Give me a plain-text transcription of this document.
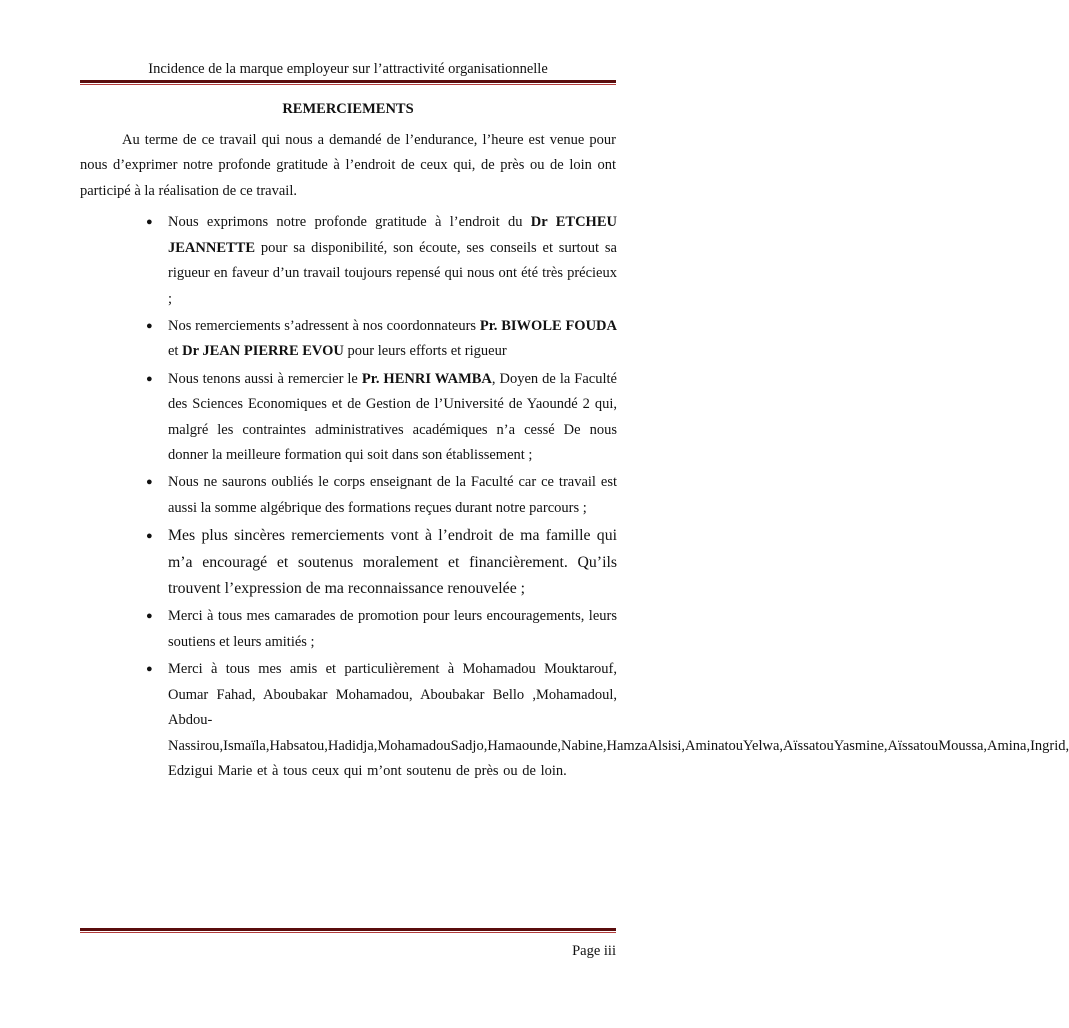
Incidence de la marque employeur sur l’attractivité organisationnelle
REMERCIEMENTS

Au terme de ce travail qui nous a demandé de l’endurance, l’heure est venue pour nous d’exprimer notre profonde gratitude à l’endroit de ceux qui, de près ou de loin ont participé à la réalisation de ce travail.

● Nous exprimons notre profonde gratitude à l’endroit du Dr ETCHEU JEANNETTE pour sa disponibilité, son écoute, ses conseils et surtout sa rigueur en faveur d’un travail toujours repensé qui nous ont été très précieux ;
● Nos remerciements s’adressent à nos coordonnateurs Pr. BIWOLE FOUDA et Dr JEAN PIERRE EVOU pour leurs efforts et rigueur
● Nous tenons aussi à remercier le Pr. HENRI WAMBA, Doyen de la Faculté des Sciences Economiques et de Gestion de l’Université de Yaoundé 2 qui, malgré les contraintes administratives académiques n’a cessé De nous donner la meilleure formation qui soit dans son établissement ;
● Nous ne saurons oubliés le corps enseignant de la Faculté car ce travail est aussi la somme algébrique des formations reçues durant notre parcours ;
● Mes plus sincères remerciements vont à l’endroit de ma famille qui m’a encouragé et soutenus moralement et financièrement. Qu’ils trouvent l’expression de ma reconnaissance renouvelée ;
● Merci à tous mes camarades de promotion pour leurs encouragements, leurs soutiens et leurs amitiés ;
● Merci à tous mes amis et particulièrement à Mohamadou Mouktarouf, Oumar Fahad, Aboubakar Mohamadou, Aboubakar Bello ,Mohamadoul, Abdou-Nassirou,Ismaïla,Habsatou,Hadidja,MohamadouSadjo,Hamaounde,Nabine,HamzaAlsisi,AminatouYelwa,AïssatouYasmine,AïssatouMoussa,Amina,Ingrid, Edzigui Marie et à tous ceux qui m’ont soutenu de près ou de loin.
Page iii
